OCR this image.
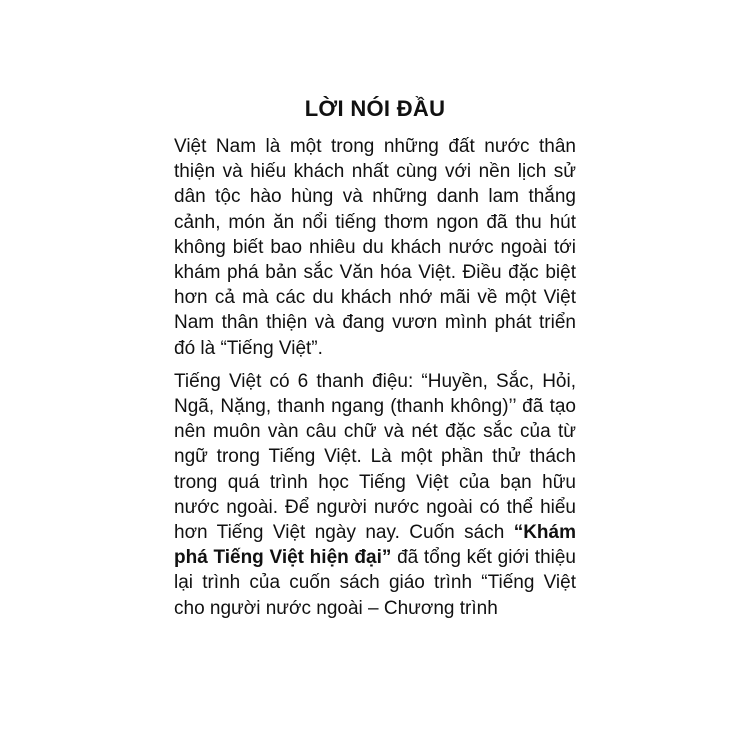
LỜI NÓI ĐẦU

Việt Nam là một trong những đất nước thân thiện và hiếu khách nhất cùng với nền lịch sử dân tộc hào hùng và những danh lam thắng cảnh, món ăn nổi tiếng thơm ngon đã thu hút không biết bao nhiêu du khách nước ngoài tới khám phá bản sắc Văn hóa Việt. Điều đặc biệt hơn cả mà các du khách nhớ mãi về một Việt Nam thân thiện và đang vươn mình phát triển đó là “Tiếng Việt”.

Tiếng Việt có 6 thanh điệu: “Huyền, Sắc, Hỏi, Ngã, Nặng, thanh ngang (thanh không)’’ đã tạo nên muôn vàn câu chữ và nét đặc sắc của từ ngữ trong Tiếng Việt. Là một phần thử thách trong quá trình học Tiếng Việt của bạn hữu nước ngoài. Để người nước ngoài có thể hiểu hơn Tiếng Việt ngày nay. Cuốn sách “Khám phá Tiếng Việt hiện đại” đã tổng kết giới thiệu lại trình của cuốn sách giáo trình “Tiếng Việt cho người nước ngoài – Chương trình
